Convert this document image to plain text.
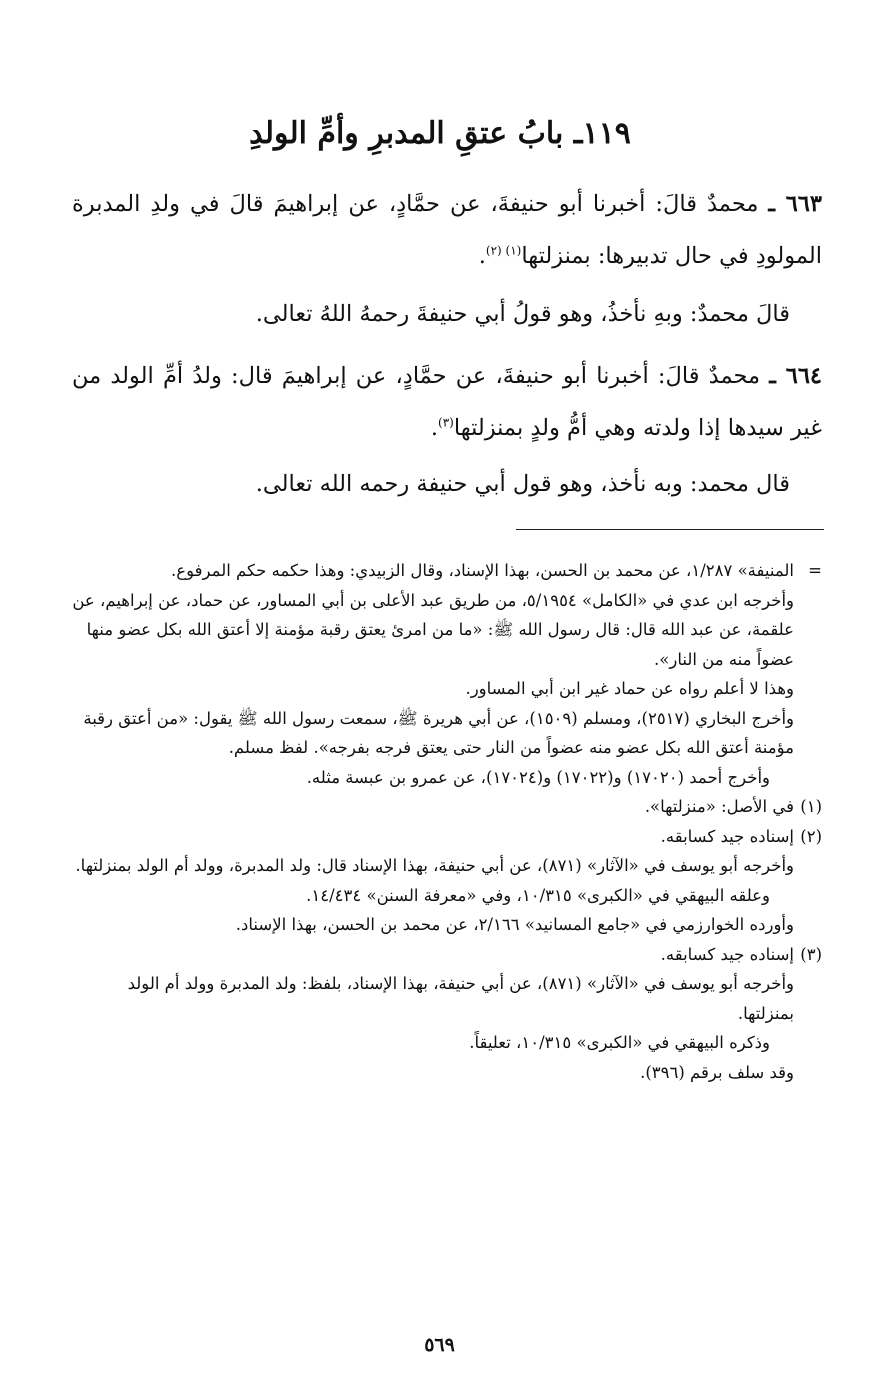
١١٩ـ بابُ عتقِ المدبرِ وأمِّ الولدِ
٦٦٣ ـ محمدٌ قالَ: أخبرنا أبو حنيفةَ، عن حمَّادٍ، عن إبراهيمَ قالَ في ولدِ المدبرة المولودِ في حال تدبيرها: بمنزلتها$^{(١) (٢)}$.
قالَ محمدٌ: وبهِ نأخذُ، وهو قولُ أبي حنيفةَ رحمهُ اللهُ تعالى.
٦٦٤ ـ محمدٌ قالَ: أخبرنا أبو حنيفةَ، عن حمَّادٍ، عن إبراهيمَ قال: ولدُ أمِّ الولد من غير سيدها إذا ولدته وهي أمُّ ولدٍ بمنزلتها$^{(٣)}$.
قال محمد: وبه نأخذ، وهو قول أبي حنيفة رحمه الله تعالى.

=المنيفة» ١/٢٨٧، عن محمد بن الحسن، بهذا الإسناد، وقال الزبيدي: وهذا حكمه حكم المرفوع.

وأخرجه ابن عدي في «الكامل» ٥/١٩٥٤، من طريق عبد الأعلى بن أبي المساور، عن حماد، عن إبراهيم، عن علقمة، عن عبد الله قال: قال رسول الله ﷺ: «ما من امرئ يعتق رقبة مؤمنة إلا أعتق الله بكل عضو منها عضواً منه من النار».

وهذا لا أعلم رواه عن حماد غير ابن أبي المساور.

وأخرج البخاري (٢٥١٧)، ومسلم (١٥٠٩)، عن أبي هريرة ﷺ، سمعت رسول الله ﷺ يقول: «من أعتق رقبة مؤمنة أعتق الله بكل عضو منه عضواً من النار حتى يعتق فرجه بفرجه». لفظ مسلم.

وأخرج أحمد (١٧٠٢٠) و(١٧٠٢٢) و(١٧٠٢٤)، عن عمرو بن عبسة مثله.

(١)في الأصل: «منزلتها».

(٢)إسناده جيد كسابقه.

وأخرجه أبو يوسف في «الآثار» (٨٧١)، عن أبي حنيفة، بهذا الإسناد قال: ولد المدبرة، وولد أم الولد بمنزلتها.

وعلقه البيهقي في «الكبرى» ١٠/٣١٥، وفي «معرفة السنن» ١٤/٤٣٤.

وأورده الخوارزمي في «جامع المسانيد» ٢/١٦٦، عن محمد بن الحسن، بهذا الإسناد.

(٣)إسناده جيد كسابقه.

وأخرجه أبو يوسف في «الآثار» (٨٧١)، عن أبي حنيفة، بهذا الإسناد، بلفظ: ولد المدبرة وولد أم الولد بمنزلتها.

وذكره البيهقي في «الكبرى» ١٠/٣١٥، تعليقاً.

وقد سلف برقم (٣٩٦).

٥٦٩
